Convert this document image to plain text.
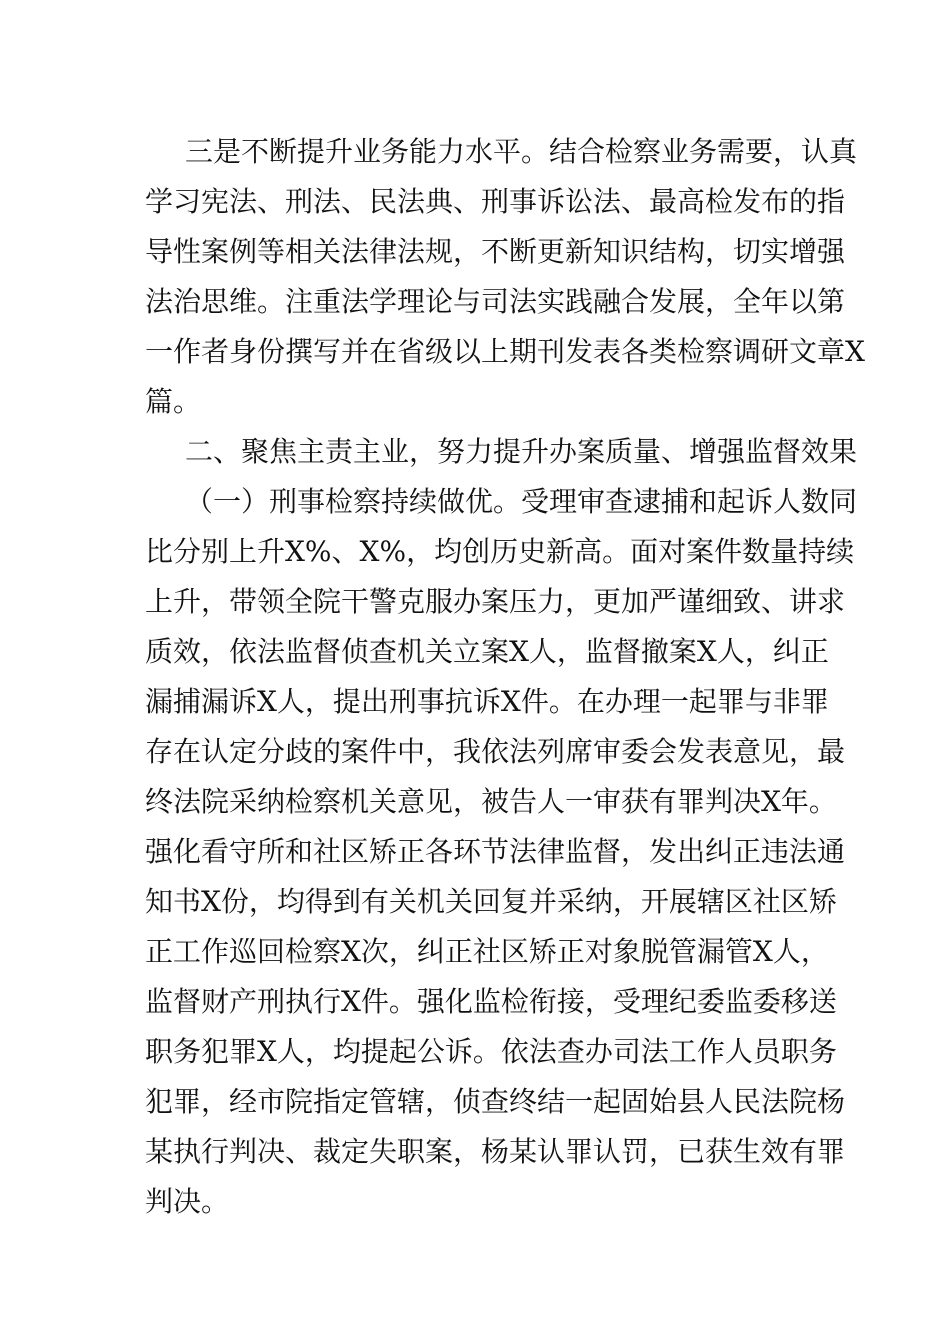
三是不断提升业务能力水平。结合检察业务需要，认真
学习宪法、刑法、民法典、刑事诉讼法、最高检发布的指
导性案例等相关法律法规，不断更新知识结构，切实增强
法治思维。注重法学理论与司法实践融合发展，全年以第
一作者身份撰写并在省级以上期刊发表各类检察调研文章X
篇。
二、聚焦主责主业，努力提升办案质量、增强监督效果
（一）刑事检察持续做优。受理审查逮捕和起诉人数同
比分别上升X%、X%，均创历史新高。面对案件数量持续
上升，带领全院干警克服办案压力，更加严谨细致、讲求
质效，依法监督侦查机关立案X人，监督撤案X人，纠正
漏捕漏诉X人，提出刑事抗诉X件。在办理一起罪与非罪
存在认定分歧的案件中，我依法列席审委会发表意见，最
终法院采纳检察机关意见，被告人一审获有罪判决X年。
强化看守所和社区矫正各环节法律监督，发出纠正违法通
知书X份，均得到有关机关回复并采纳，开展辖区社区矫
正工作巡回检察X次，纠正社区矫正对象脱管漏管X人，
监督财产刑执行X件。强化监检衔接，受理纪委监委移送
职务犯罪X人，均提起公诉。依法查办司法工作人员职务
犯罪，经市院指定管辖，侦查终结一起固始县人民法院杨
某执行判决、裁定失职案，杨某认罪认罚，已获生效有罪
判决。
